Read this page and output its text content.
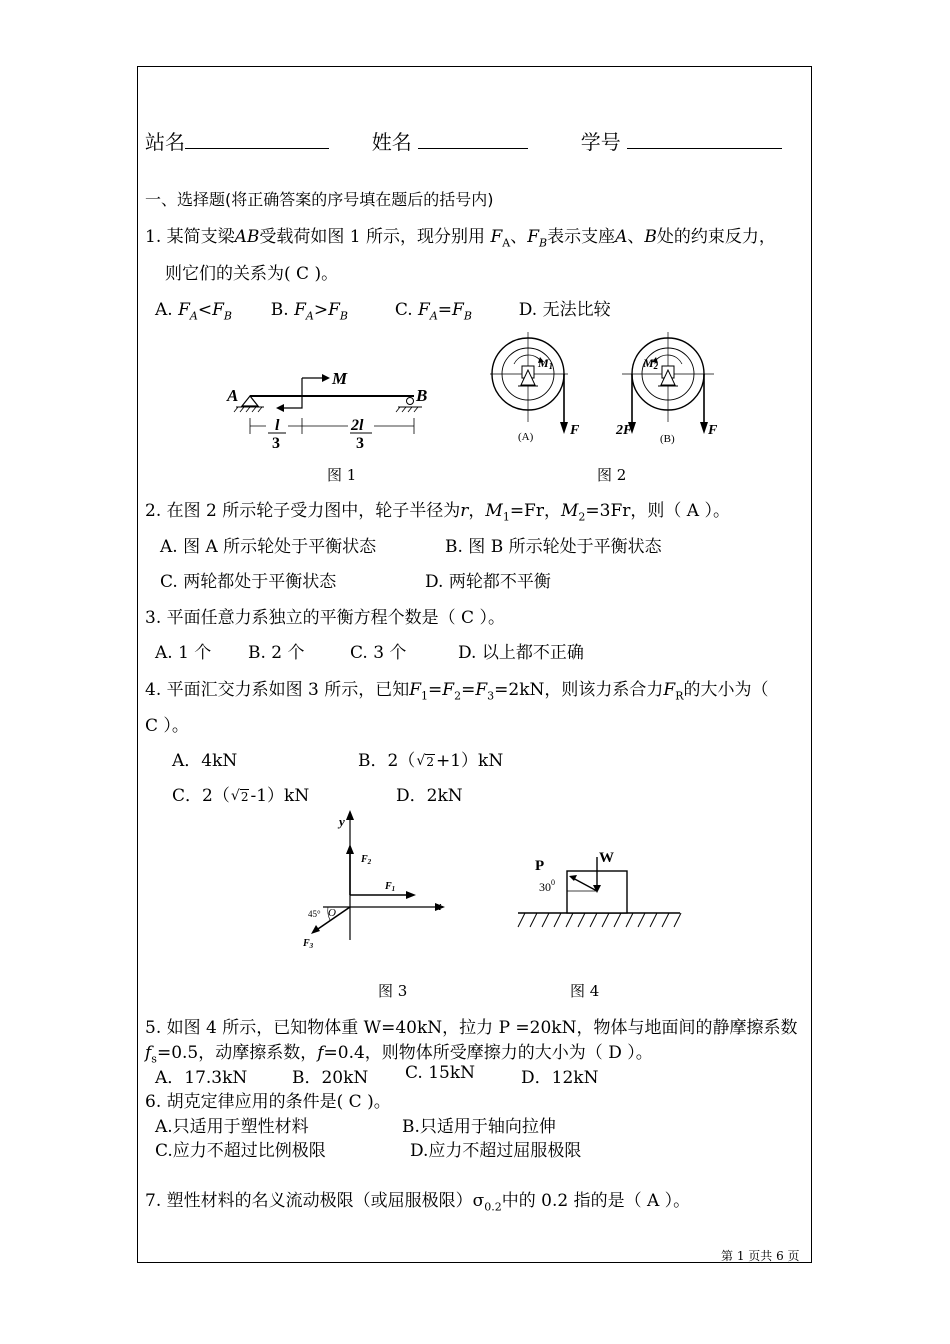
站名	姓名	学号
一、选择题(将正确答案的序号填在题后的括号内)
1. 某简支梁AB受载荷如图 1 所示，现分别用 $F_A$、$F_B$表示支座A、B处的约束反力，
则它们的关系为( C )。
A. $F_A<F_B$ B. $F_A>F_B$	C. $F_A=F_B$	D. 无法比较
M
A	B
l
3
2l
3
图 1
M1
F
(A)
M2
2F	F
(B)
图 2
2. 在图 2 所示轮子受力图中，轮子半径为r，$M_1=Fr$，$M_2=3Fr$，则（ A ）。
A. 图 A 所示轮处于平衡状态	B. 图 B 所示轮处于平衡状态
C. 两轮都处于平衡状态	D. 两轮都不平衡
3. 平面任意力系独立的平衡方程个数是（ C ）。
A. 1 个 B. 2 个	C. 3 个	D. 以上都不正确
4. 平面汇交力系如图 3 所示，已知$F_1=F_2=F_3=2kN$，则该力系合力$F_R$的大小为（
C ）。
A．4kN	B．2（ √ 2 +1）kN
C．2（ √ 2 -1）kN	D．2kN
y
x
O
$F_1$
$F_2$
$F_3$
45°
图 3
P	W
$30^0$
图 4
5. 如图 4 所示，已知物体重 W=40kN，拉力 P =20kN，物体与地面间的静摩擦系数
$f_s=0.5$，动摩擦系数，f=0.4，则物体所受摩擦力的大小为（ D ）。
A．17.3kN	B．20kN C. 15kN	D．12kN
6. 胡克定律应用的条件是( C )。
A.只适用于塑性材料	B.只适用于轴向拉伸
C.应力不超过比例极限	D.应力不超过屈服极限
7. 塑性材料的名义流动极限（或屈服极限）$\sigma_{0.2}$中的 0.2 指的是（ A ）。
第 1 页共 6 页
